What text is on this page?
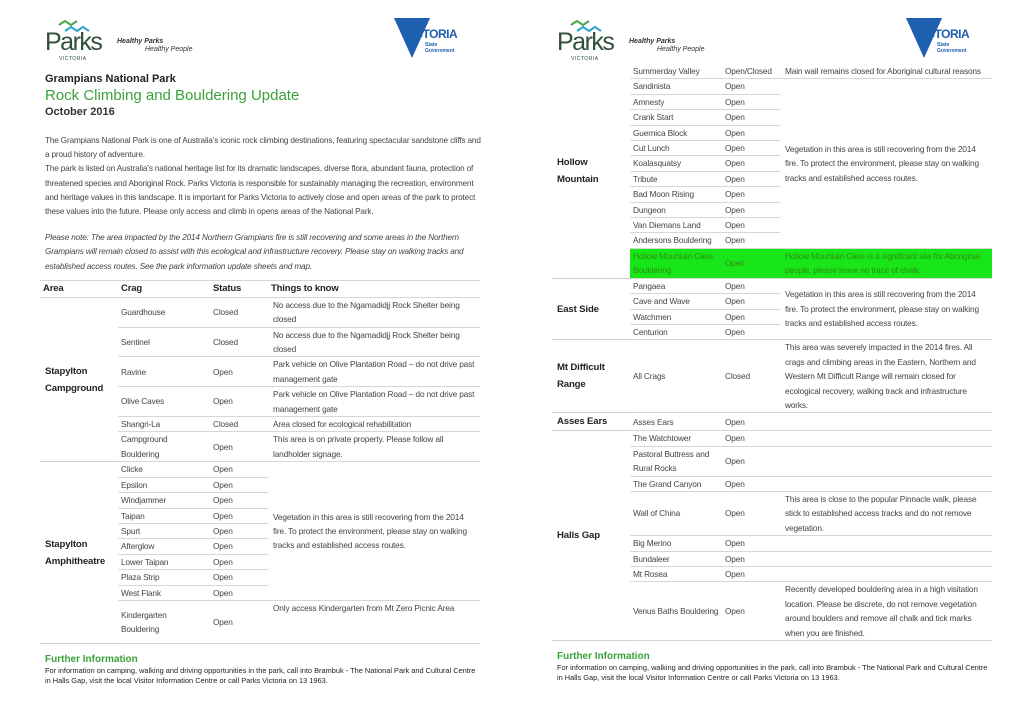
Parks
VICTORIA
Healthy Parks
Healthy People
VICTORIA
State
Government
Grampians National Park
Rock Climbing and Bouldering Update
October 2016

The Grampians National Park is one of Australia’s iconic rock climbing destinations, featuring spectacular sandstone cliffs and a proud history of adventure.

The park is listed on Australia’s national heritage list for its dramatic landscapes, diverse flora, abundant fauna, protection of threatened species and Aboriginal Rock. Parks Victoria is responsible for sustainably managing the recreation, environment and heritage values in this landscape. It is important for Parks Victoria to actively close and open areas of the park to protect these values into the future. Please only access and climb in opens areas of the National Park.

Please note: The area impacted by the 2014 Northern Grampians fire is still recovering and some areas in the Northern Grampians will remain closed to assist with this ecological and infrastructure recovery. Please stay on walking tracks and established access routes. See the park information update sheets and map.

Area	Crag	Status	Things to know
Stapylton Campground	Guardhouse	Closed	No access due to the Ngamadidjj Rock Shelter being closed
	Sentinel	Closed	No access due to the Ngamadidjj Rock Shelter being closed
	Ravine	Open	Park vehicle on Olive Plantation Road – do not drive past management gate
	Olive Caves	Open	Park vehicle on Olive Plantation Road – do not drive past management gate
	Shangri-La	Closed	Area closed for ecological rehabilitation
	Campground Bouldering	Open	This area is on private property. Please follow all landholder signage.
Stapylton Amphitheatre	Clicke	Open	Vegetation in this area is still recovering from the 2014 fire. To protect the environment, please stay on walking tracks and established access routes.
	Epsilon	Open	
	Windjammer	Open	
	Taipan	Open	
	Spurt	Open	
	Afterglow	Open	
	Lower Taipan	Open	
	Plaza Strip	Open	
	West Flank	Open	
	Kindergarten Bouldering	Open	Only access Kindergarten from Mt Zero Picnic Area
Further Information
For information on camping, walking and driving opportunities in the park, call into Brambuk - The National Park and Cultural Centre in Halls Gap, visit the local Visitor Information Centre or call Parks Victoria on 13 1963.
Parks
VICTORIA
Healthy Parks
Healthy People
VICTORIA
State
Government
Hollow Mountain	Summerday Valley	Open/Closed	Main wall remains closed for Aboriginal cultural reasons
	Sandinista	Open	Vegetation in this area is still recovering from the 2014 fire. To protect the environment, please stay on walking tracks and established access routes.
	Amnesty	Open	
	Crank Start	Open	
	Guernica Block	Open	
	Cut Lunch	Open	
	Koalasquatsy	Open	
	Tribute	Open	
	Bad Moon Rising	Open	
	Dungeon	Open	
	Van Diemans Land	Open	
	Andersons Bouldering	Open	
	Hollow Mountain Cave Bouldering	Open	Hollow Mountain Cave is a significant site for Aboriginal people, please leave no trace of chalk.
East Side	Pangaea	Open	Vegetation in this area is still recovering from the 2014 fire. To protect the environment, please stay on walking tracks and established access routes.
	Cave and Wave	Open	
	Watchmen	Open	
	Centurion	Open	
Mt Difficult Range	All Crags	Closed	This area was severely impacted in the 2014 fires. All crags and climbing areas in the Eastern, Northern and Western Mt Difficult Range will remain closed for ecological recovery, walking track and infrastructure works.
Asses Ears	Asses Ears	Open	
Halls Gap	The Watchtower	Open	
	Pastoral Buttress and Rural Rocks	Open	
	The Grand Canyon	Open	
	Wall of China	Open	This area is close to the popular Pinnacle walk, please stick to established access tracks and do not remove vegetation.
	Big Merino	Open	
	Bundaleer	Open	
	Mt Rosea	Open	
	Venus Baths Bouldering	Open	Recently developed bouldering area in a high visitation location. Please be discrete, do not remove vegetation around boulders and remove all chalk and tick marks when you are finished.
Further Information
For information on camping, walking and driving opportunities in the park, call into Brambuk - The National Park and Cultural Centre in Halls Gap, visit the local Visitor Information Centre or call Parks Victoria on 13 1963.
